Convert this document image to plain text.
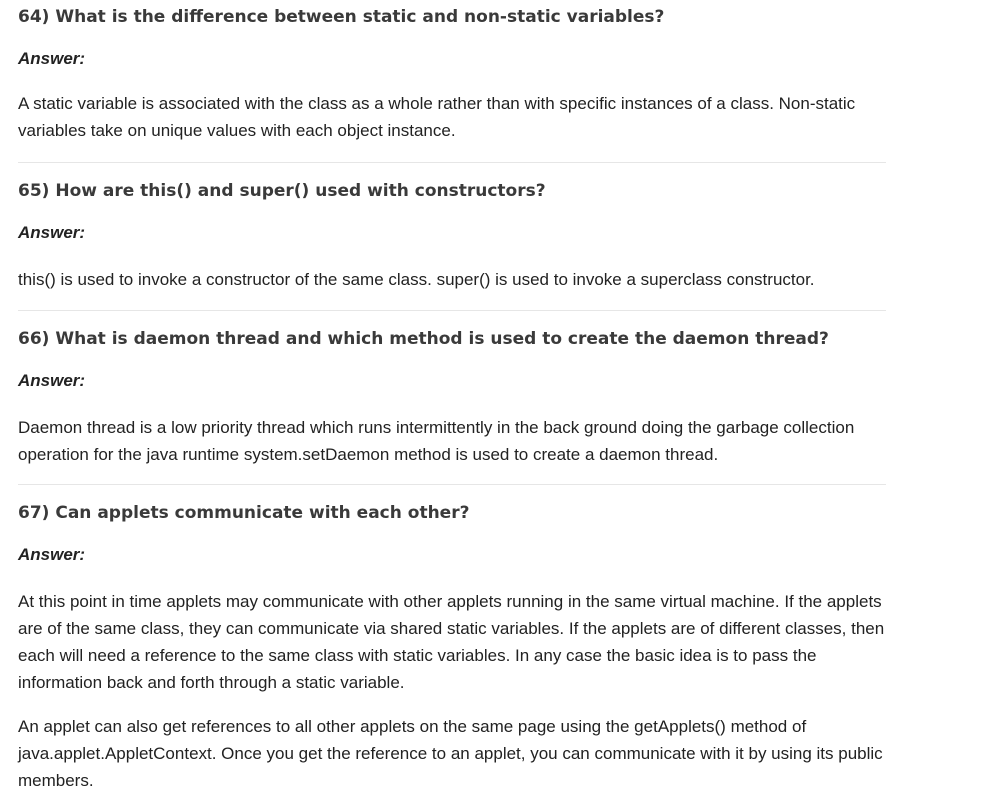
64) What is the difference between static and non-static variables?

Answer:

A static variable is associated with the class as a whole rather than with specific instances of a class. Non-static variables take on unique values with each object instance.

65) How are this() and super() used with constructors?

Answer:

this() is used to invoke a constructor of the same class. super() is used to invoke a superclass constructor.

66) What is daemon thread and which method is used to create the daemon thread?

Answer:

Daemon thread is a low priority thread which runs intermittently in the back ground doing the garbage collection operation for the java runtime system.setDaemon method is used to create a daemon thread.

67) Can applets communicate with each other?

Answer:

At this point in time applets may communicate with other applets running in the same virtual machine. If the applets are of the same class, they can communicate via shared static variables. If the applets are of different classes, then each will need a reference to the same class with static variables. In any case the basic idea is to pass the information back and forth through a static variable.

An applet can also get references to all other applets on the same page using the getApplets() method of java.applet.AppletContext. Once you get the reference to an applet, you can communicate with it by using its public members.
